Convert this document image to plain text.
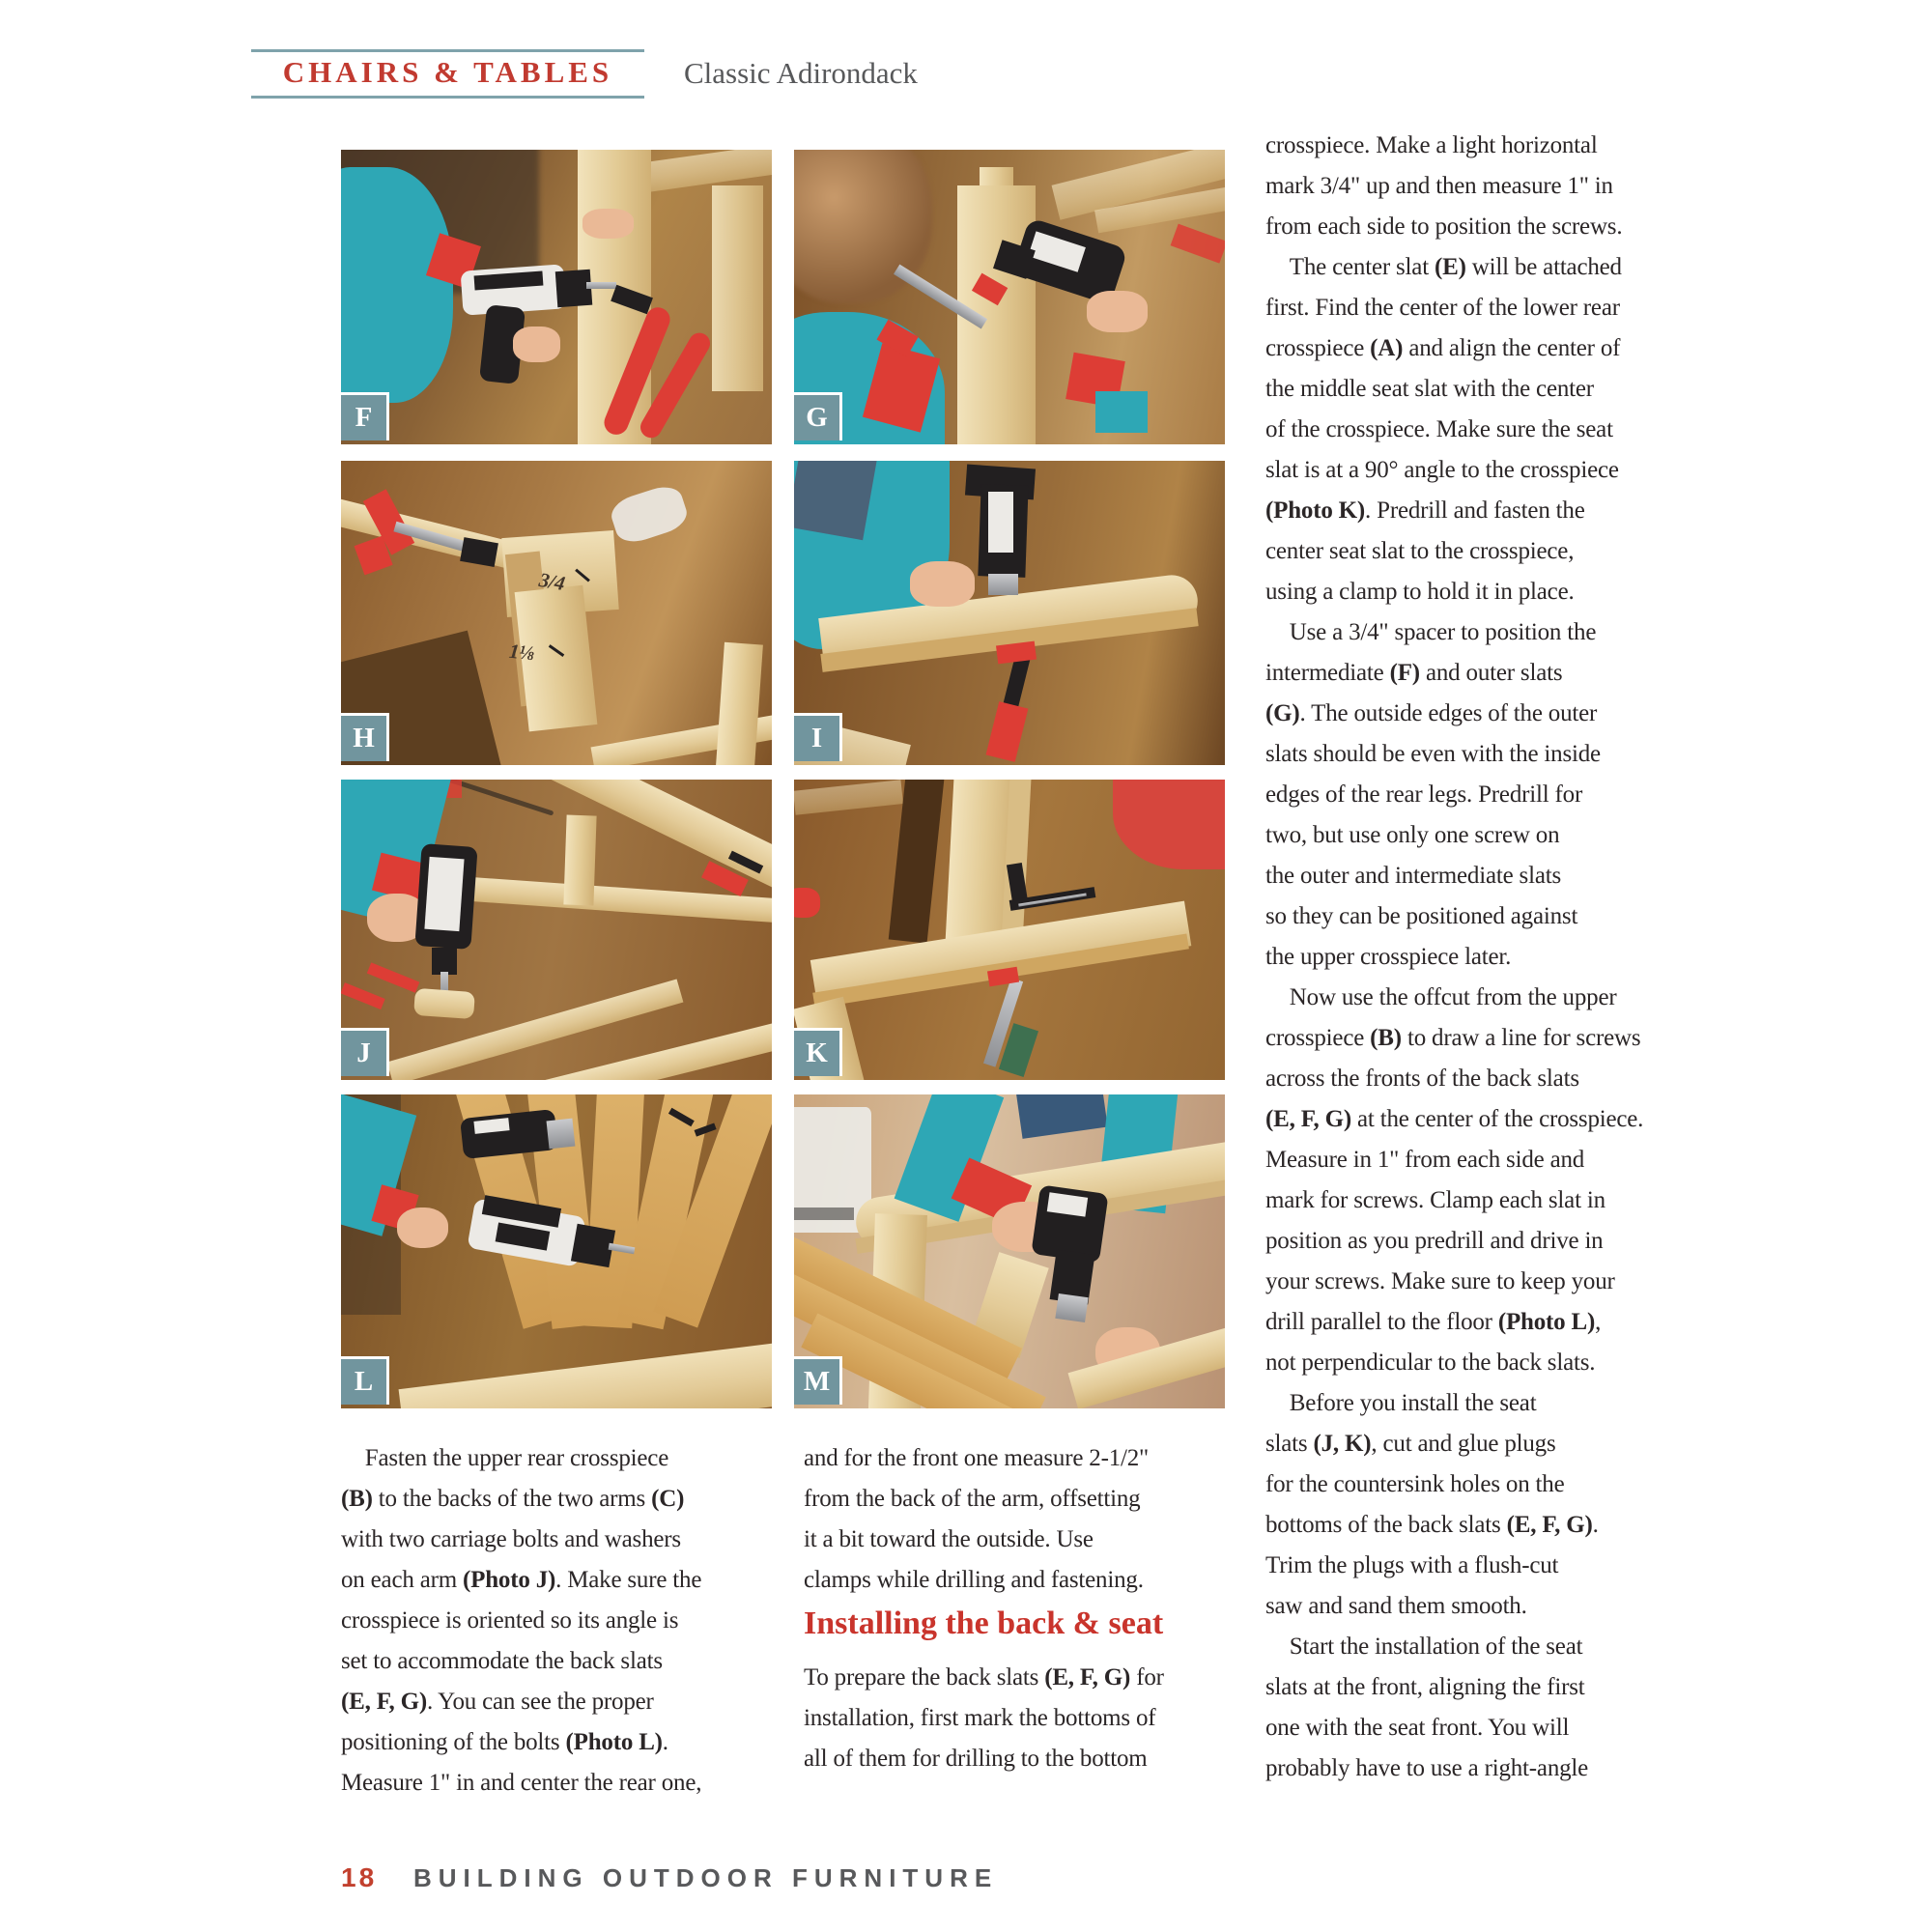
CHAIRS & TABLES	Classic Adirondack
F	G
3/4
1⅛
H	I
J	K
L	M
crosspiece. Make a light horizontal
mark 3/4" up and then measure 1" in
from each side to position the screws.
 The center slat (E) will be attached
first. Find the center of the lower rear
crosspiece (A) and align the center of
the middle seat slat with the center
of the crosspiece. Make sure the seat
slat is at a 90° angle to the crosspiece
(Photo K). Predrill and fasten the
center seat slat to the crosspiece,
using a clamp to hold it in place.
 Use a 3/4" spacer to position the
intermediate (F) and outer slats
(G). The outside edges of the outer
slats should be even with the inside
edges of the rear legs. Predrill for
two, but use only one screw on
the outer and intermediate slats
so they can be positioned against
the upper crosspiece later.
 Now use the offcut from the upper
crosspiece (B) to draw a line for screws
across the fronts of the back slats
(E, F, G) at the center of the crosspiece.
Measure in 1" from each side and
mark for screws. Clamp each slat in
position as you predrill and drive in
your screws. Make sure to keep your
drill parallel to the floor (Photo L),
not perpendicular to the back slats.
 Before you install the seat
slats (J, K), cut and glue plugs
for the countersink holes on the
bottoms of the back slats (E, F, G).
Trim the plugs with a flush-cut
saw and sand them smooth.
 Start the installation of the seat
slats at the front, aligning the first
one with the seat front. You will
probably have to use a right-angle
 Fasten the upper rear crosspiece
(B) to the backs of the two arms (C)
with two carriage bolts and washers
on each arm (Photo J). Make sure the
crosspiece is oriented so its angle is
set to accommodate the back slats
(E, F, G). You can see the proper
positioning of the bolts (Photo L).
Measure 1" in and center the rear one,
and for the front one measure 2-1/2"
from the back of the arm, offsetting
it a bit toward the outside. Use
clamps while drilling and fastening.
Installing the back & seat
To prepare the back slats (E, F, G) for
installation, first mark the bottoms of
all of them for drilling to the bottom
18 BUILDING OUTDOOR FURNITURE
